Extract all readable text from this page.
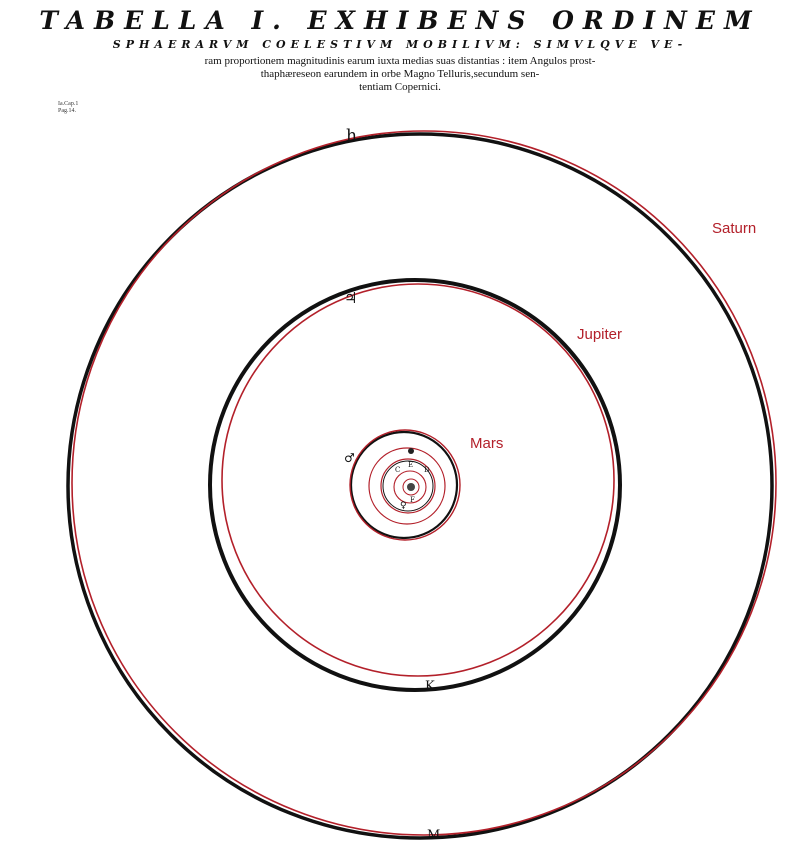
TABELLA I. EXHIBENS ORDINEM
SPHAERARVM COELESTIVM MOBILIVM: SIMVLQVE VE-
ram proportionem magnitudinis earum iuxta medias suas distantias : item Angulos prost-
thaphæreseon earundem in orbe Magno Telluris,secundum sen-
tentiam Copernici.
Ia.Cap.1
Pag.14.
h
♃
K
M
♂
♀
C
E
D
F
Saturn
Jupiter
Mars
